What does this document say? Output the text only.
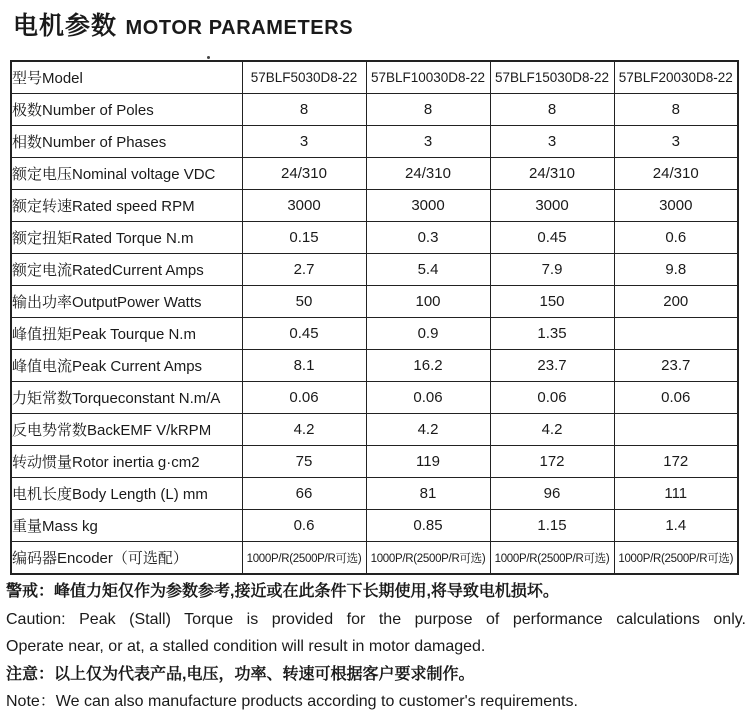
电机参数 MOTOR PARAMETERS
型号Model	57BLF5030D8-22	57BLF10030D8-22	57BLF15030D8-22	57BLF20030D8-22
极数Number of Poles	8	8	8	8
相数Number of Phases	3	3	3	3
额定电压Nominal voltage VDC	24/310	24/310	24/310	24/310
额定转速Rated speed RPM	3000	3000	3000	3000
额定扭矩Rated Torque N.m	0.15	0.3	0.45	0.6
额定电流RatedCurrent Amps	2.7	5.4	7.9	9.8
输出功率OutputPower Watts	50	100	150	200
峰值扭矩Peak Tourque N.m	0.45	0.9	1.35	
峰值电流Peak Current Amps	8.1	16.2	23.7	23.7
力矩常数Torqueconstant N.m/A	0.06	0.06	0.06	0.06
反电势常数BackEMF V/kRPM	4.2	4.2	4.2	
转动惯量Rotor inertia g·cm2	75	119	172	172
电机长度Body Length (L) mm	66	81	96	111
重量Mass kg	0.6	0.85	1.15	1.4
编码器Encoder（可选配）	1000P/R(2500P/R可选)	1000P/R(2500P/R可选)	1000P/R(2500P/R可选)	1000P/R(2500P/R可选)
警戒：峰值力矩仅作为参数参考,接近或在此条件下长期使用,将导致电机损坏。
Caution: Peak (Stall) Torque is provided for the purpose of performance calculations only.
Operate near, or at, a stalled condition will result in motor damaged.
注意：以上仅为代表产品,电压，功率、转速可根据客户要求制作。
Note：We can also manufacture products according to customer's requirements.
